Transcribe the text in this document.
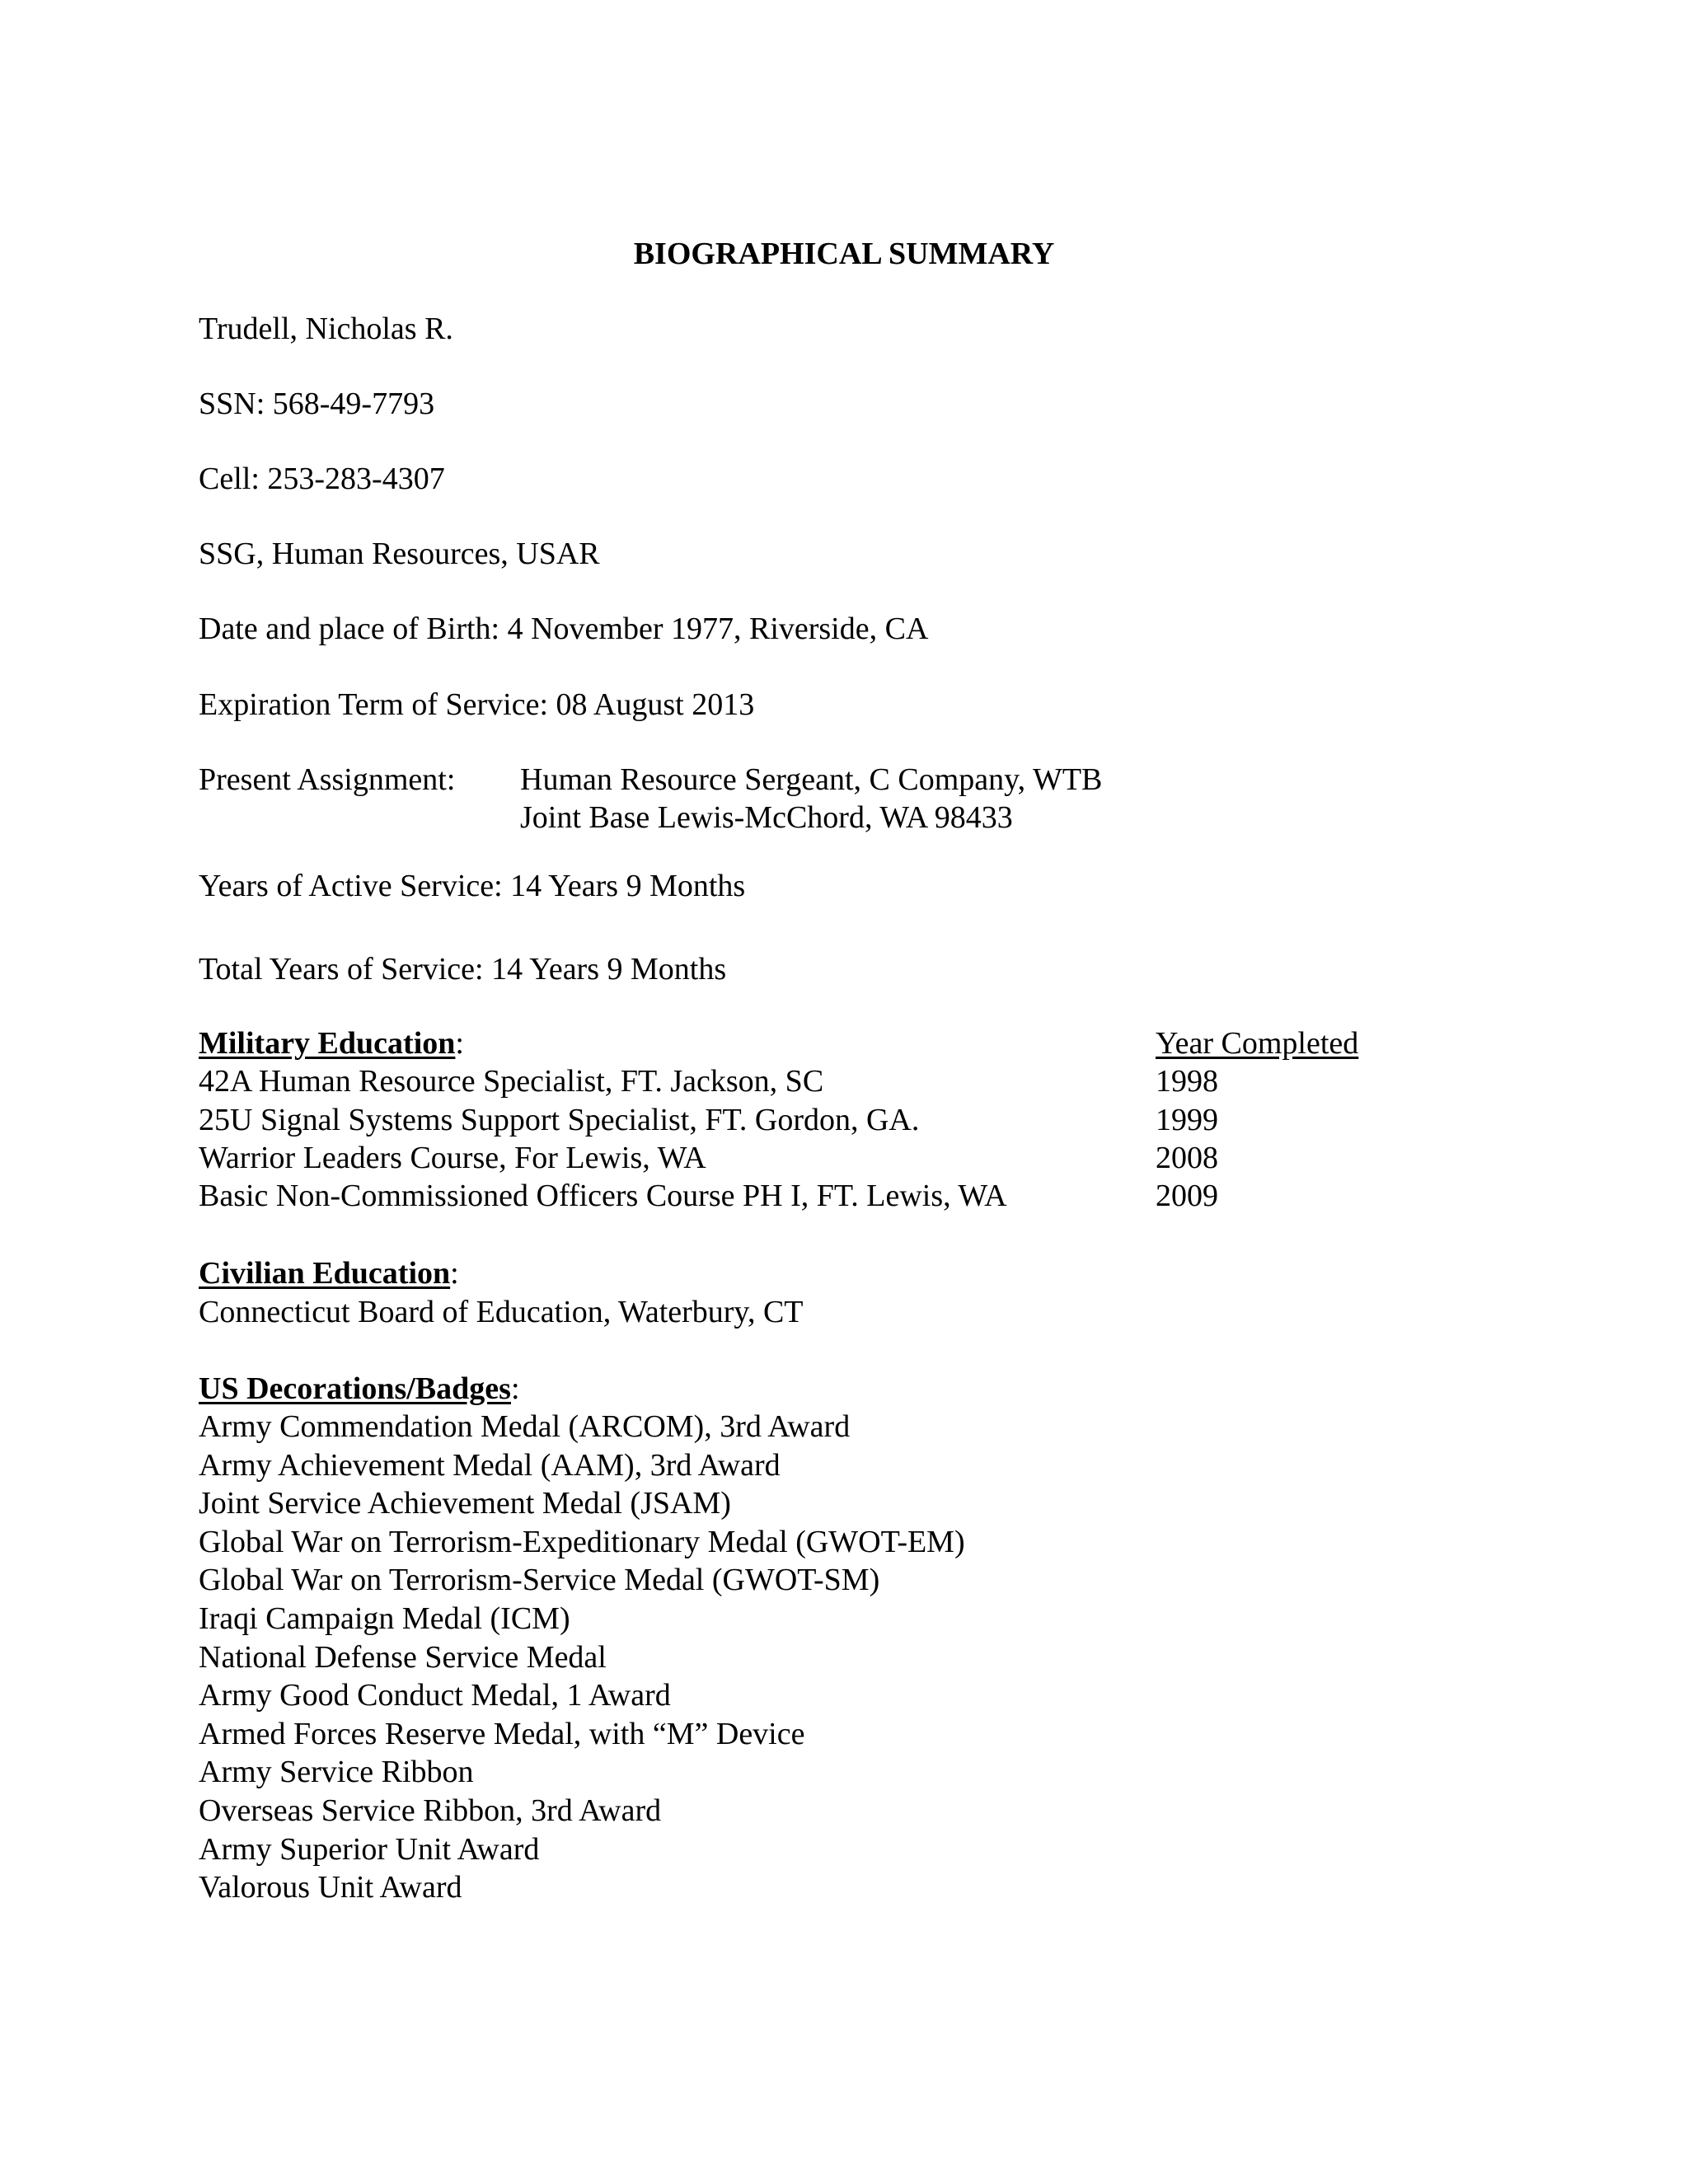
BIOGRAPHICAL SUMMARY
Trudell, Nicholas R.
SSN: 568-49-7793
Cell: 253-283-4307
SSG, Human Resources, USAR
Date and place of Birth: 4 November 1977, Riverside, CA
Expiration Term of Service: 08 August 2013
Present Assignment: Human Resource Sergeant, C Company, WTB
Joint Base Lewis-McChord, WA 98433
Years of Active Service: 14 Years 9 Months
Total Years of Service: 14 Years 9 Months
Military Education:	Year Completed
42A Human Resource Specialist, FT. Jackson, SC	1998
25U Signal Systems Support Specialist, FT. Gordon, GA.	1999
Warrior Leaders Course, For Lewis, WA	2008
Basic Non-Commissioned Officers Course PH I, FT. Lewis, WA	2009
Civilian Education:
Connecticut Board of Education, Waterbury, CT
US Decorations/Badges:
Army Commendation Medal (ARCOM), 3rd Award
Army Achievement Medal (AAM), 3rd Award
Joint Service Achievement Medal (JSAM)
Global War on Terrorism-Expeditionary Medal (GWOT-EM)
Global War on Terrorism-Service Medal (GWOT-SM)
Iraqi Campaign Medal (ICM)
National Defense Service Medal
Army Good Conduct Medal, 1 Award
Armed Forces Reserve Medal, with “M” Device
Army Service Ribbon
Overseas Service Ribbon, 3rd Award
Army Superior Unit Award
Valorous Unit Award
